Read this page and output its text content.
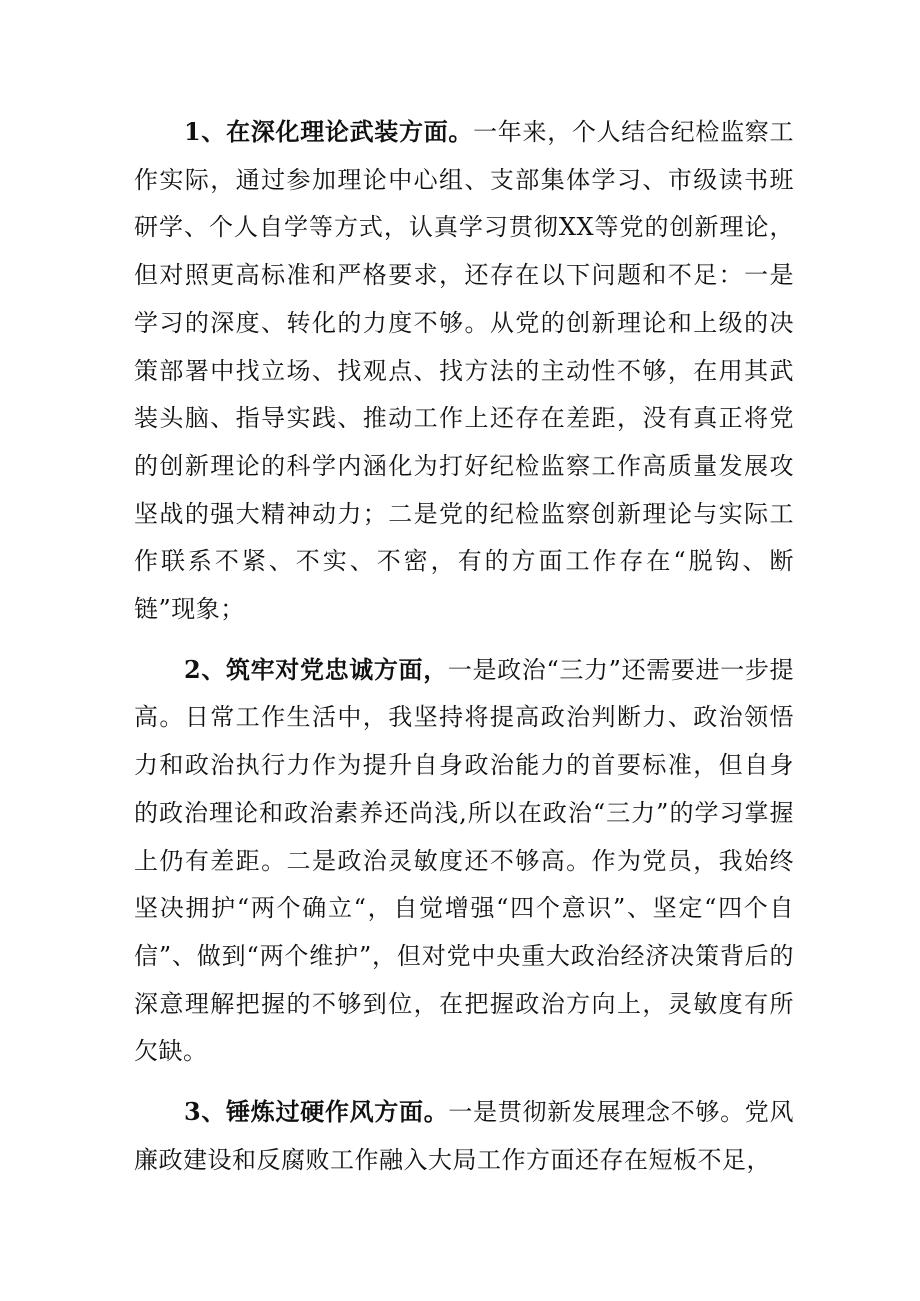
1、在深化理论武装方面。一年来，个人结合纪检监察工作实际，通过参加理论中心组、支部集体学习、市级读书班研学、个人自学等方式，认真学习贯彻XX等党的创新理论，但对照更高标准和严格要求，还存在以下问题和不足：一是学习的深度、转化的力度不够。从党的创新理论和上级的决策部署中找立场、找观点、找方法的主动性不够，在用其武装头脑、指导实践、推动工作上还存在差距，没有真正将党的创新理论的科学内涵化为打好纪检监察工作高质量发展攻坚战的强大精神动力；二是党的纪检监察创新理论与实际工作联系不紧、不实、不密，有的方面工作存在“脱钩、断链”现象；

2、筑牢对党忠诚方面，一是政治“三力”还需要进一步提高。日常工作生活中，我坚持将提高政治判断力、政治领悟力和政治执行力作为提升自身政治能力的首要标准，但自身的政治理论和政治素养还尚浅,所以在政治“三力”的学习掌握上仍有差距。二是政治灵敏度还不够高。作为党员，我始终坚决拥护“两个确立“，自觉增强“四个意识”、坚定“四个自信”、做到“两个维护”，但对党中央重大政治经济决策背后的深意理解把握的不够到位，在把握政治方向上，灵敏度有所欠缺。

3、锤炼过硬作风方面。一是贯彻新发展理念不够。党风廉政建设和反腐败工作融入大局工作方面还存在短板不足，
